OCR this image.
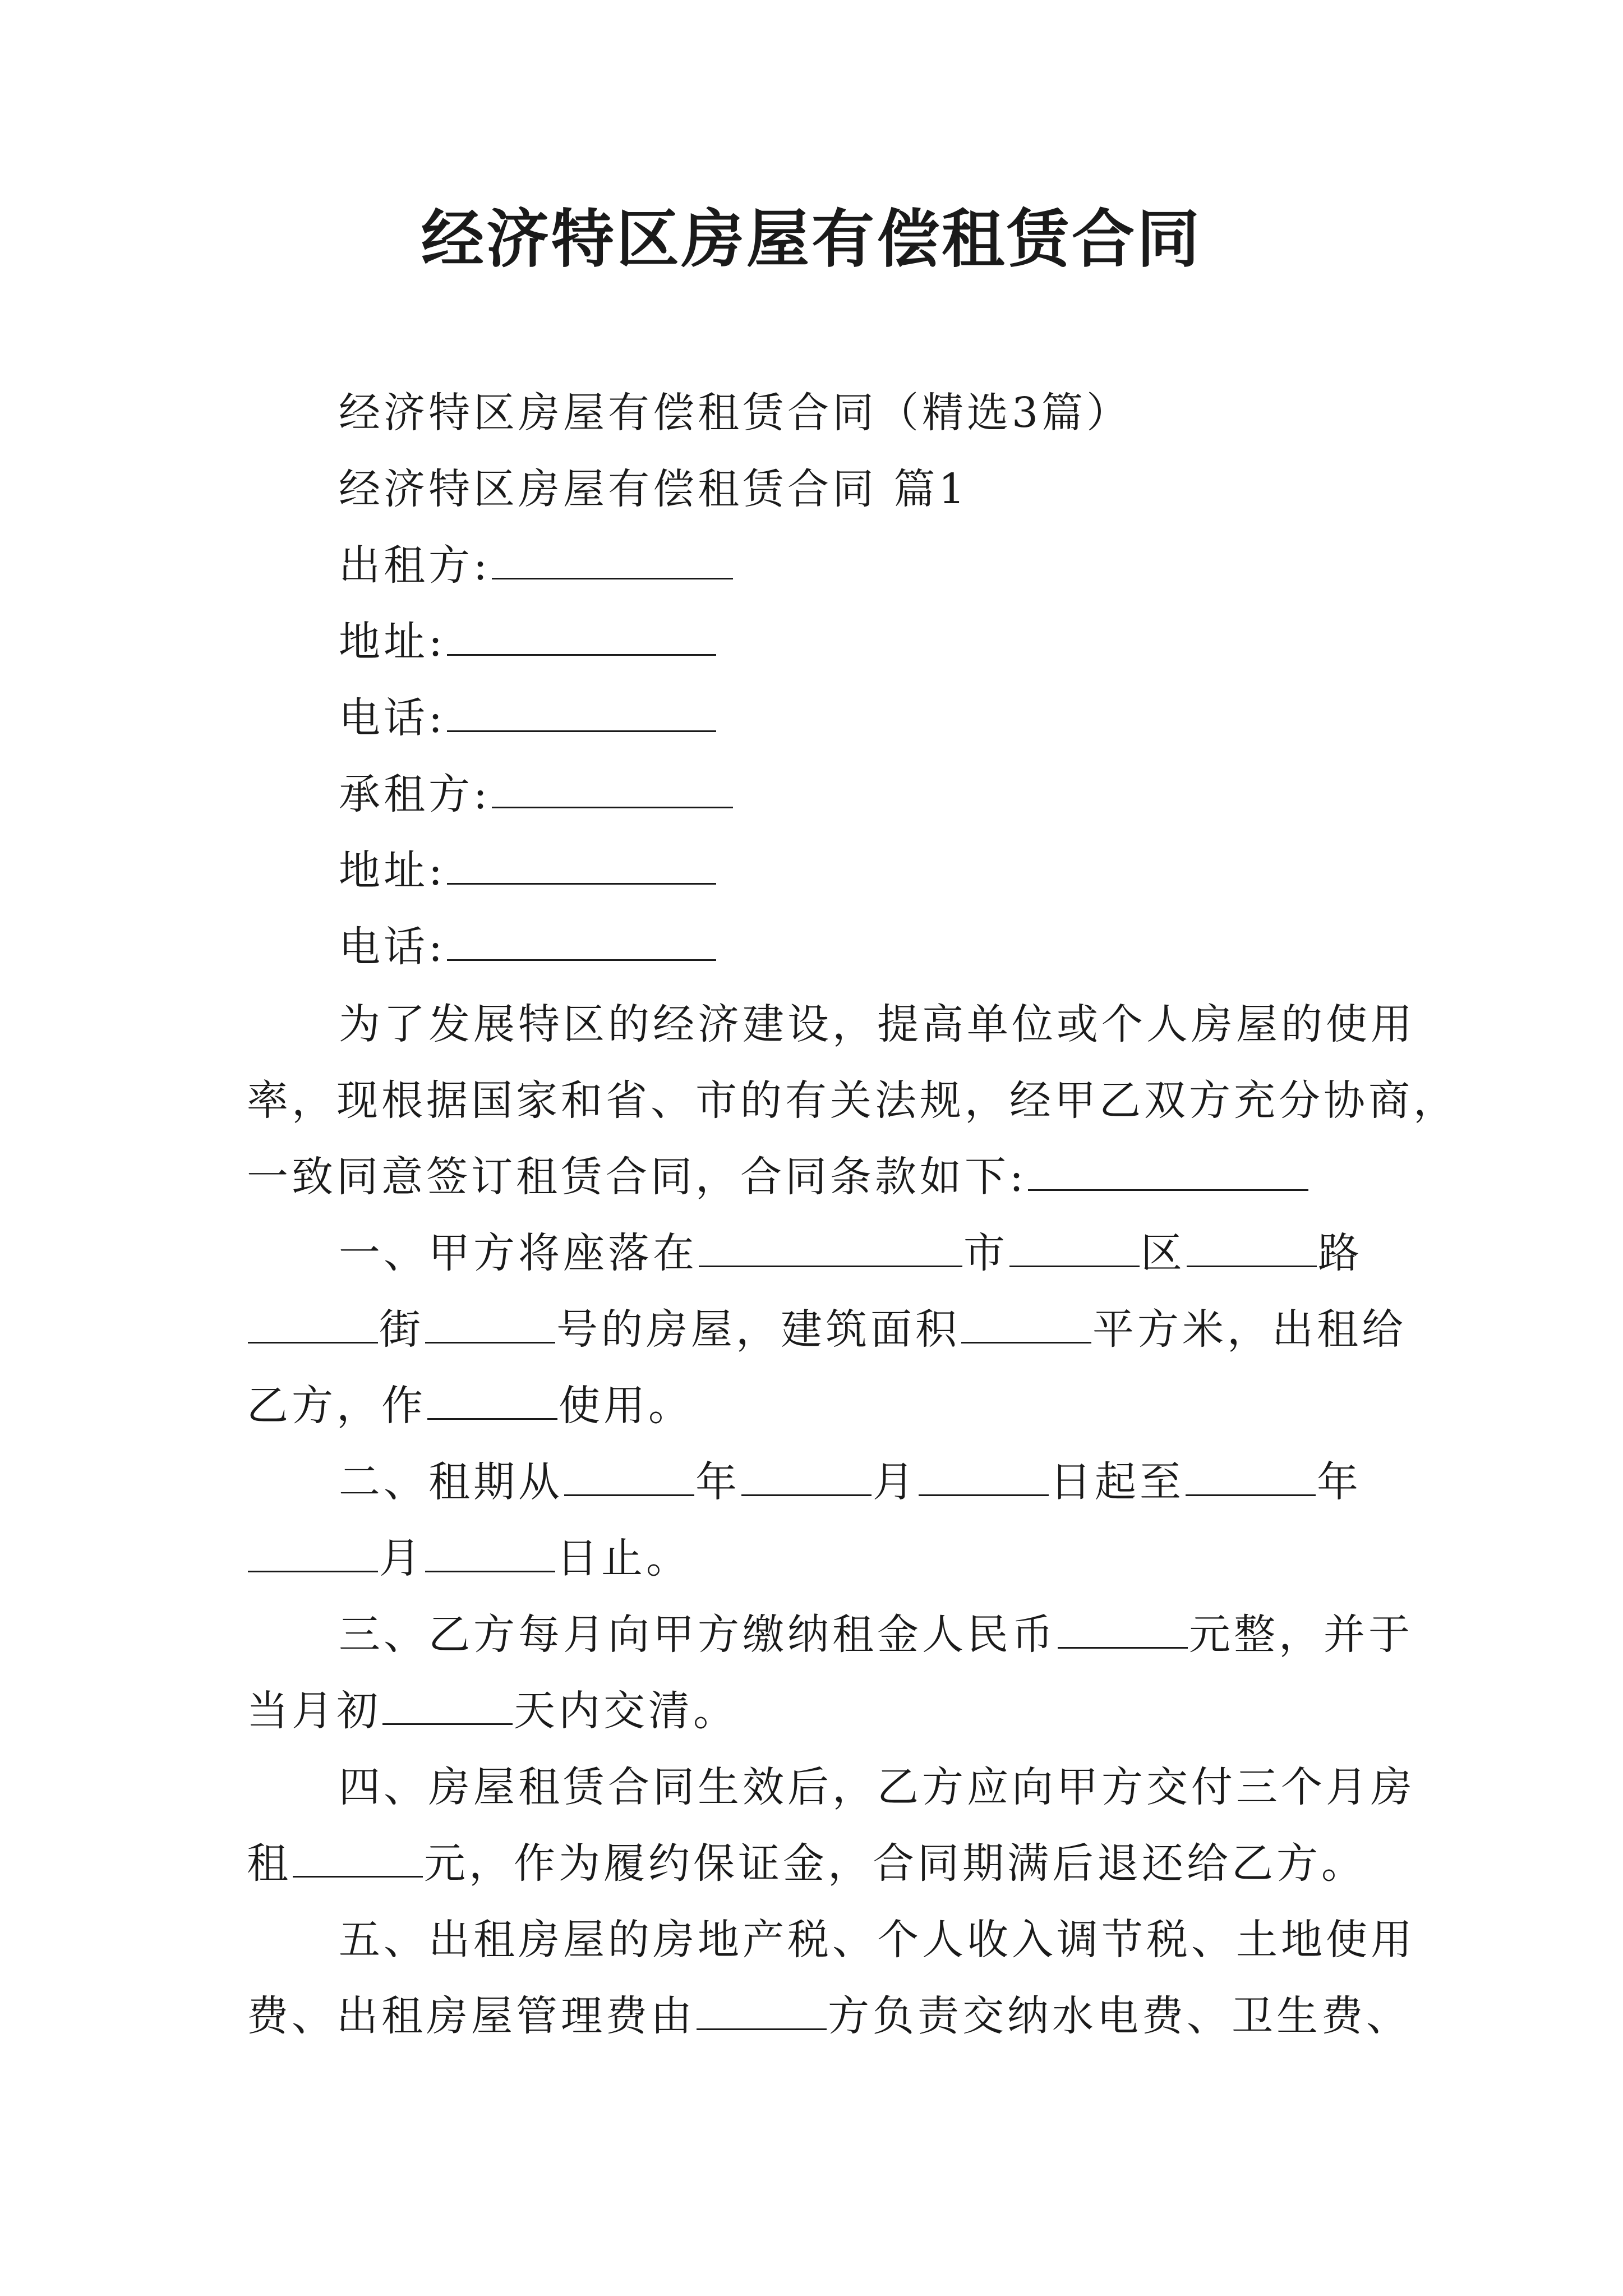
经济特区房屋有偿租赁合同
经济特区房屋有偿租赁合同（精选3篇）
经济特区房屋有偿租赁合同 篇1
出租方:
地址:
电话:
承租方:
地址:
电话:
为了发展特区的经济建设，提高单位或个人房屋的使用
率，现根据国家和省、市的有关法规，经甲乙双方充分协商，
一致同意签订租赁合同，合同条款如下:
一、甲方将座落在	市	区	路
街	号的房屋，建筑面积	平方米，出租给
乙方，作	使用。
二、租期从	年	月	日起至	年
月	日止。
三、乙方每月向甲方缴纳租金人民币	元整，并于
当月初	天内交清。
四、房屋租赁合同生效后，乙方应向甲方交付三个月房
租	元，作为履约保证金，合同期满后退还给乙方。
五、出租房屋的房地产税、个人收入调节税、土地使用
费、出租房屋管理费由	方负责交纳水电费、卫生费、
